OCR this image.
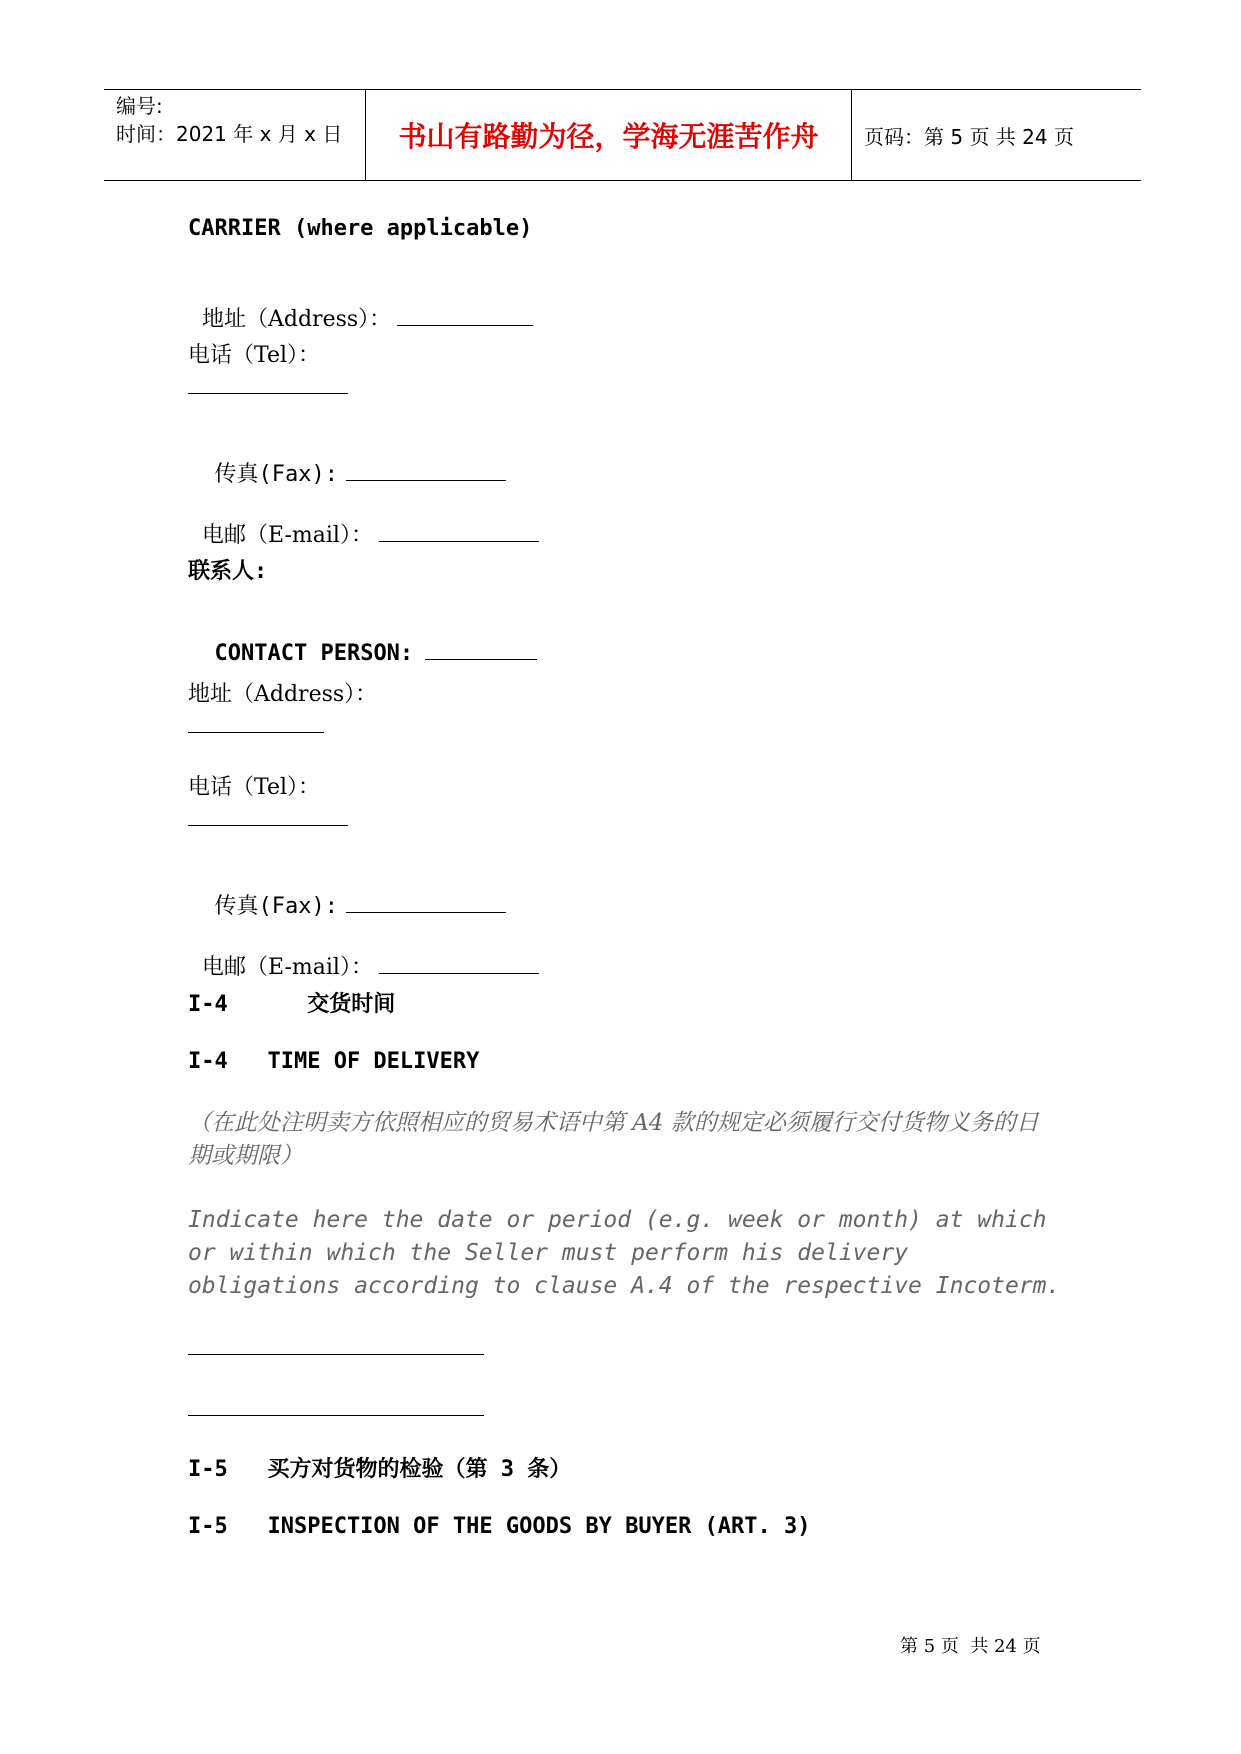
编号:
时间：2021 年 x 月 x 日	书山有路勤为径，学海无涯苦作舟	页码：第 5 页 共 24 页
CARRIER (where applicable)

地址（Address）：

电话（Tel）：

传真(Fax):

电邮（E-mail）：

联系人:

CONTACT PERSON:

地址（Address）：
电话（Tel）：

传真(Fax):

电邮（E-mail）：

I-4      交货时间
I-4   TIME OF DELIVERY
（在此处注明卖方依照相应的贸易术语中第 A4 款的规定必须履行交付货物义务的日期或期限）
Indicate here the date or period (e.g. week or month) at which or within which the Seller must perform his delivery obligations according to clause A.4 of the respective Incoterm.
I-5   买方对货物的检验（第 3 条）
I-5   INSPECTION OF THE GOODS BY BUYER (ART. 3)
第 5 页  共 24 页
